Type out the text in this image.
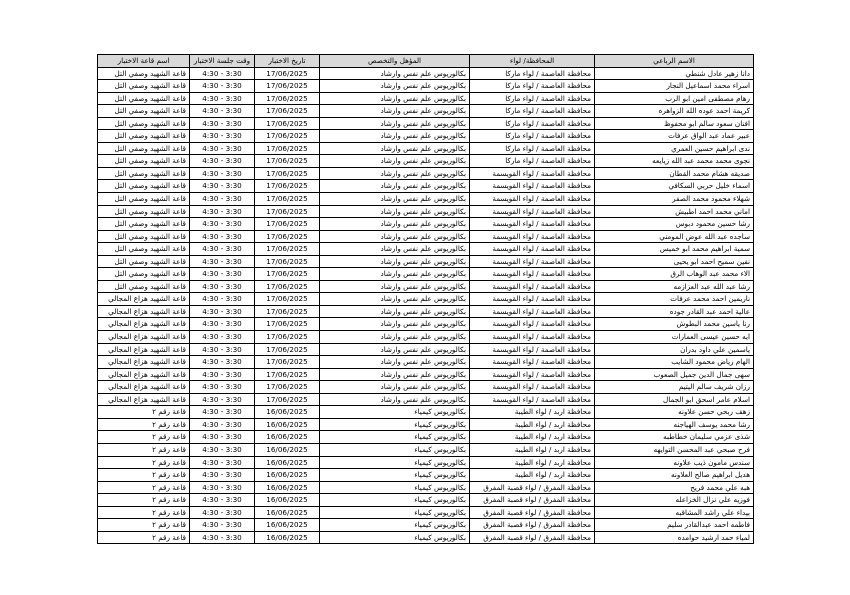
الاسم الرباعي	المحافظة/ لواء	المؤهل والتخصص	تاريخ الاختبار	وقت جلسة الاختبار	اسم قاعة الاختبار
دانا زهير عادل شنطي	محافظة العاصمة / لواء ماركا	بكالوريوس علم نفس وارشاد	17/06/2025	3:30 - 4:30	قاعة الشهيد وصفي التل
اسراء محمد اسماعيل النجار	محافظة العاصمة / لواء ماركا	بكالوريوس علم نفس وارشاد	17/06/2025	3:30 - 4:30	قاعة الشهيد وصفي التل
رهام مصطفى امين ابو الرب	محافظة العاصمة / لواء ماركا	بكالوريوس علم نفس وارشاد	17/06/2025	3:30 - 4:30	قاعة الشهيد وصفي التل
كريمة احمد عوده الله الزواهره	محافظة العاصمة / لواء ماركا	بكالوريوس علم نفس وارشاد	17/06/2025	3:30 - 4:30	قاعة الشهيد وصفي التل
افنان سعود سالم ابو محفوظ	محافظة العاصمة / لواء ماركا	بكالوريوس علم نفس وارشاد	17/06/2025	3:30 - 4:30	قاعة الشهيد وصفي التل
عبير عماد عبد الواق عرفات	محافظة العاصمة / لواء ماركا	بكالوريوس علم نفس وارشاد	17/06/2025	3:30 - 4:30	قاعة الشهيد وصفي التل
ندى ابراهيم حسين العمري	محافظة العاصمة / لواء ماركا	بكالوريوس علم نفس وارشاد	17/06/2025	3:30 - 4:30	قاعة الشهيد وصفي التل
نجوى محمد محمد عبد الله زيايعه	محافظة العاصمة / لواء ماركا	بكالوريوس علم نفس وارشاد	17/06/2025	3:30 - 4:30	قاعة الشهيد وصفي التل
صديقه هشام محمد القطان	محافظة العاصمة / لواء القويسمة	بكالوريوس علم نفس وارشاد	17/06/2025	3:30 - 4:30	قاعة الشهيد وصفي التل
اسماء خليل حربي السكافي	محافظة العاصمة / لواء القويسمة	بكالوريوس علم نفس وارشاد	17/06/2025	3:30 - 4:30	قاعة الشهيد وصفي التل
شهلاء محمود محمد الصفر	محافظة العاصمة / لواء القويسمة	بكالوريوس علم نفس وارشاد	17/06/2025	3:30 - 4:30	قاعة الشهيد وصفي التل
اماني محمد احمد اطبيش	محافظة العاصمة / لواء القويسمة	بكالوريوس علم نفس وارشاد	17/06/2025	3:30 - 4:30	قاعة الشهيد وصفي التل
رشا حسين محمود دبوس	محافظة العاصمة / لواء القويسمة	بكالوريوس علم نفس وارشاد	17/06/2025	3:30 - 4:30	قاعة الشهيد وصفي التل
ساجده عبد الله عوض المومني	محافظة العاصمة / لواء القويسمة	بكالوريوس علم نفس وارشاد	17/06/2025	3:30 - 4:30	قاعة الشهيد وصفي التل
سمية ابراهيم محمد ابو خميس	محافظة العاصمة / لواء القويسمة	بكالوريوس علم نفس وارشاد	17/06/2025	3:30 - 4:30	قاعة الشهيد وصفي التل
نفين سميح احمد ابو يحيى	محافظة العاصمة / لواء القويسمة	بكالوريوس علم نفس وارشاد	17/06/2025	3:30 - 4:30	قاعة الشهيد وصفي التل
الاء محمد عبد الوهاب الرق	محافظة العاصمة / لواء القويسمة	بكالوريوس علم نفس وارشاد	17/06/2025	3:30 - 4:30	قاعة الشهيد وصفي التل
رشا عبد الله عبد العزازمه	محافظة العاصمة / لواء القويسمة	بكالوريوس علم نفس وارشاد	17/06/2025	3:30 - 4:30	قاعة الشهيد وصفي التل
ناريمين احمد محمد عرفات	محافظة العاصمة / لواء القويسمة	بكالوريوس علم نفس وارشاد	17/06/2025	3:30 - 4:30	قاعة الشهيد هزاع المجالي
عالية احمد عبد القادر جوده	محافظة العاصمة / لواء القويسمة	بكالوريوس علم نفس وارشاد	17/06/2025	3:30 - 4:30	قاعة الشهيد هزاع المجالي
رنا ياسين محمد البطوش	محافظة العاصمة / لواء القويسمة	بكالوريوس علم نفس وارشاد	17/06/2025	3:30 - 4:30	قاعة الشهيد هزاع المجالي
ايه حسين عيسى العمارات	محافظة العاصمة / لواء القويسمة	بكالوريوس علم نفس وارشاد	17/06/2025	3:30 - 4:30	قاعة الشهيد هزاع المجالي
ياسمين علي داود بدران	محافظة العاصمة / لواء القويسمة	بكالوريوس علم نفس وارشاد	17/06/2025	3:30 - 4:30	قاعة الشهيد هزاع المجالي
الهام رياض محمود الشايب	محافظة العاصمة / لواء القويسمة	بكالوريوس علم نفس وارشاد	17/06/2025	3:30 - 4:30	قاعة الشهيد هزاع المجالي
سهى جمال الدين جميل الصعوب	محافظة العاصمة / لواء القويسمة	بكالوريوس علم نفس وارشاد	17/06/2025	3:30 - 4:30	قاعة الشهيد هزاع المجالي
رزان شريف سالم اليتيم	محافظة العاصمة / لواء القويسمة	بكالوريوس علم نفس وارشاد	17/06/2025	3:30 - 4:30	قاعة الشهيد هزاع المجالي
اسلام عامر اسحق ابو الجمال	محافظة العاصمة / لواء القويسمة	بكالوريوس علم نفس وارشاد	17/06/2025	3:30 - 4:30	قاعة الشهيد هزاع المجالي
زهف ربحي حسن علاونه	محافظة اربد / لواء الطيبة	بكالوريوس كيمياء	16/06/2025	3:30 - 4:30	قاعة رقم ٢
رشا محمد يوسف الهياجنه	محافظة اربد / لواء الطيبة	بكالوريوس كيمياء	16/06/2025	3:30 - 4:30	قاعة رقم ٢
شذى عزمي سليمان خطاطبه	محافظة اربد / لواء الطيبة	بكالوريوس كيمياء	16/06/2025	3:30 - 4:30	قاعة رقم ٢
فرح صبحي عبد المحسن التوايهه	محافظة اربد / لواء الطيبة	بكالوريوس كيمياء	16/06/2025	3:30 - 4:30	قاعة رقم ٢
سندس مامون ذيب علاونه	محافظة اربد / لواء الطيبة	بكالوريوس كيمياء	16/06/2025	3:30 - 4:30	قاعة رقم ٢
هديل ابراهيم صالح العلاونه	محافظة اربد / لواء الطيبة	بكالوريوس كيمياء	16/06/2025	3:30 - 4:30	قاعة رقم ٢
هبه علي محمد فريح	محافظة المفرق / لواء قصبة المفرق	بكالوريوس كيمياء	16/06/2025	3:30 - 4:30	قاعة رقم ٢
فوزيه علي نزال الخزاعله	محافظة المفرق / لواء قصبة المفرق	بكالوريوس كيمياء	16/06/2025	3:30 - 4:30	قاعة رقم ٢
بيداء علي راشد المشاقبه	محافظة المفرق / لواء قصبة المفرق	بكالوريوس كيمياء	16/06/2025	3:30 - 4:30	قاعة رقم ٢
فاطمه احمد عبدالقادر سليم	محافظة المفرق / لواء قصبة المفرق	بكالوريوس كيمياء	16/06/2025	3:30 - 4:30	قاعة رقم ٢
لمياء حمد ارشيد حوامده	محافظة المفرق / لواء قصبة المفرق	بكالوريوس كيمياء	16/06/2025	3:30 - 4:30	قاعة رقم ٢
